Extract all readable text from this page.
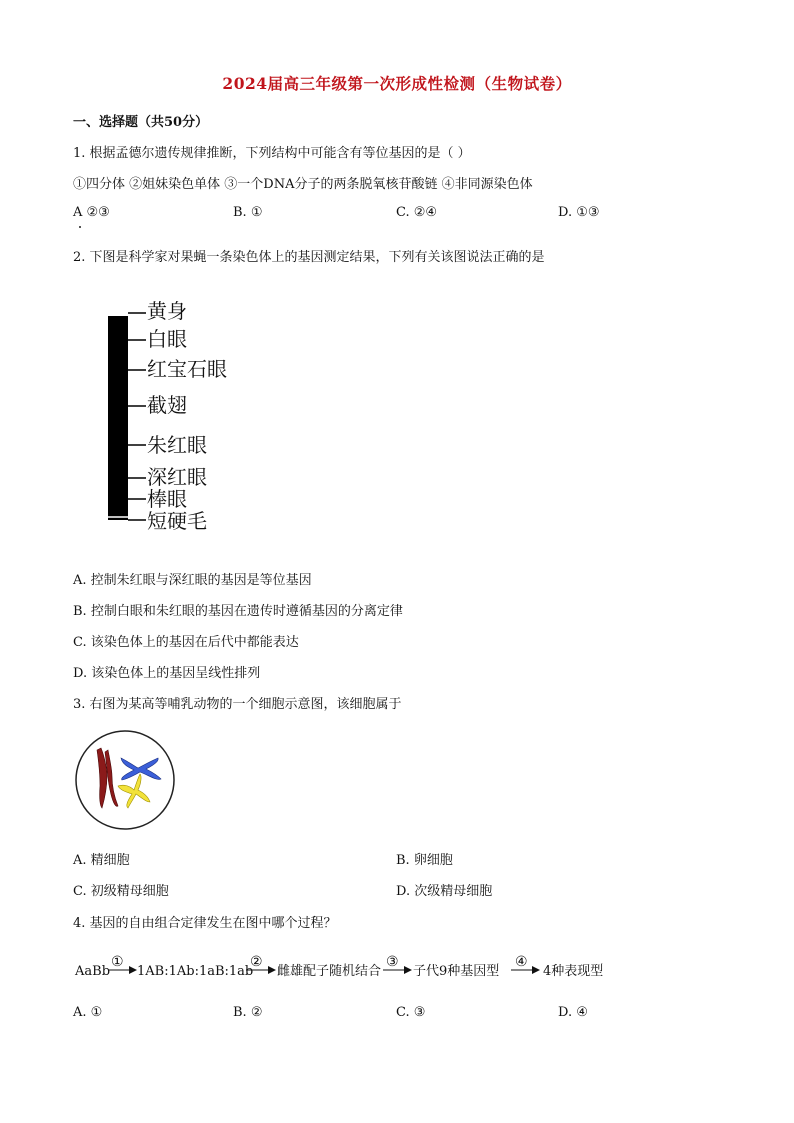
2024届高三年级第一次形成性检测（生物试卷）
一、选择题（共50分）
1. 根据孟德尔遗传规律推断，下列结构中可能含有等位基因的是（ ）
①四分体 ②姐妹染色单体 ③一个DNA分子的两条脱氧核苷酸链 ④非同源染色体
A ②③	B. ①	C. ②④	D. ①③
2. 下图是科学家对果蝇一条染色体上的基因测定结果，下列有关该图说法正确的是
黄身
白眼
红宝石眼
截翅
朱红眼
深红眼
棒眼
短硬毛
A. 控制朱红眼与深红眼的基因是等位基因
B. 控制白眼和朱红眼的基因在遗传时遵循基因的分离定律
C. 该染色体上的基因在后代中都能表达
D. 该染色体上的基因呈线性排列
3. 右图为某高等哺乳动物的一个细胞示意图，该细胞属于
A. 精细胞	B. 卵细胞
C. 初级精母细胞	D. 次级精母细胞
4. 基因的自由组合定律发生在图中哪个过程？
AaBb 1AB:1Ab:1aB:1ab 雌雄配子随机结合 子代9种基因型	4种表现型
①	②	③	④
A. ①	B. ②	C. ③	D. ④
